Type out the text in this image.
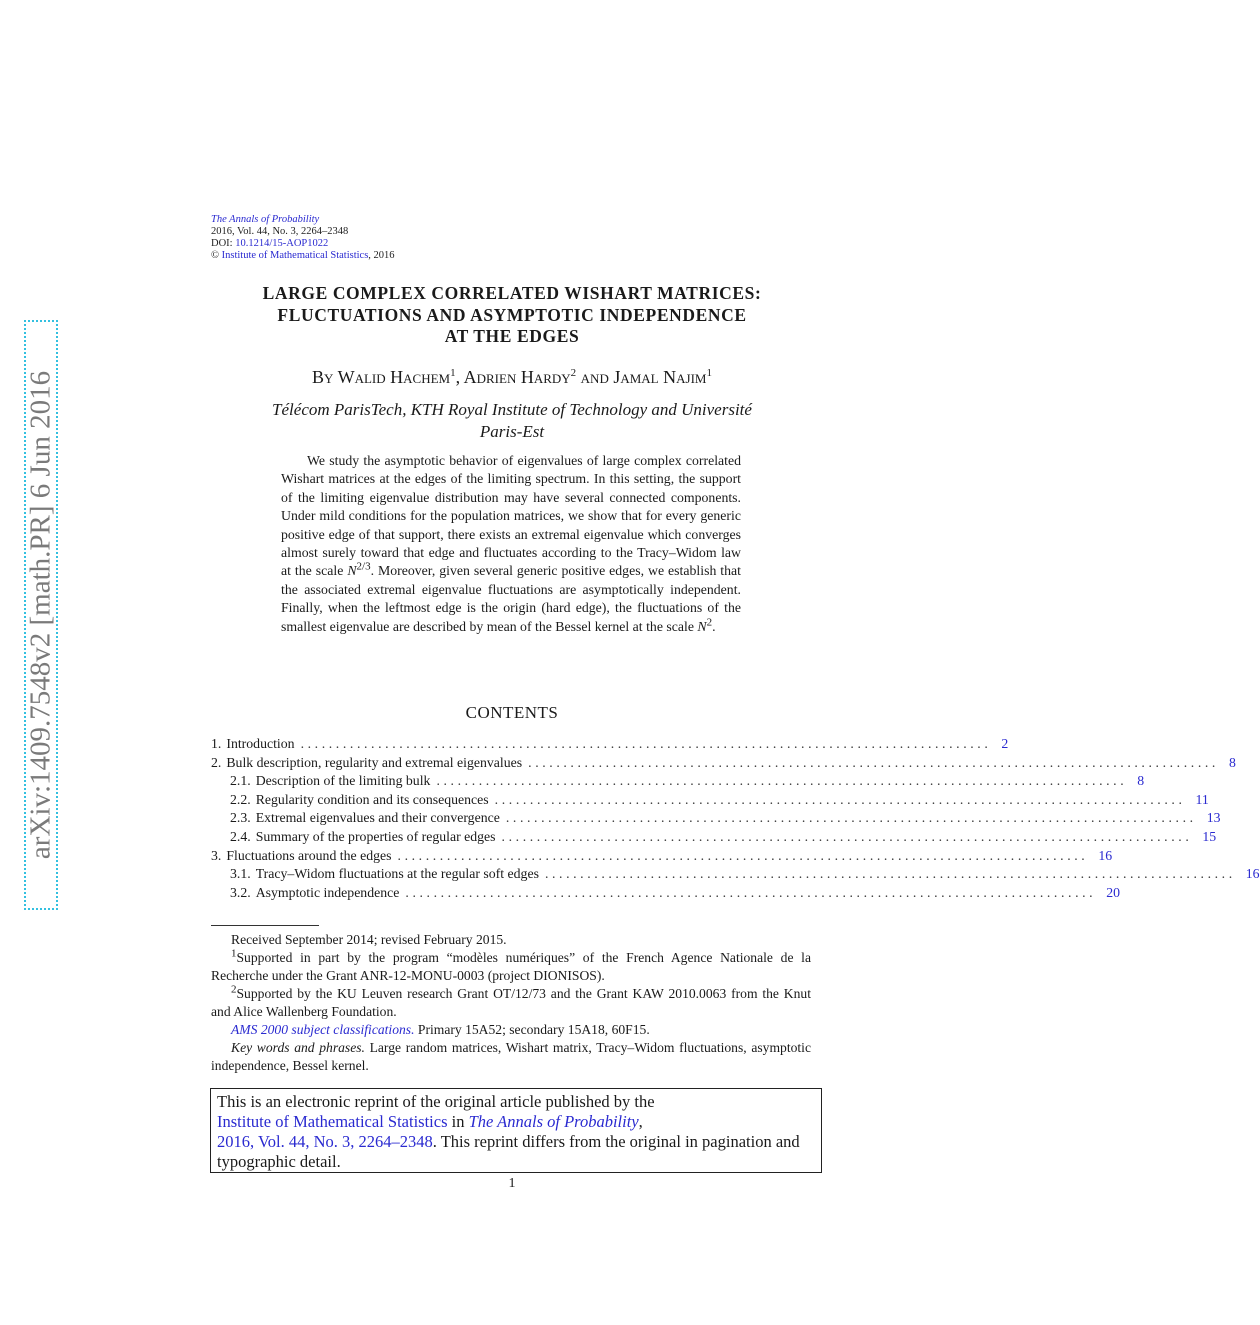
arXiv:1409.7548v2 [math.PR] 6 Jun 2016
The Annals of Probability
2016, Vol. 44, No. 3, 2264–2348
DOI: 10.1214/15-AOP1022
© Institute of Mathematical Statistics, 2016
LARGE COMPLEX CORRELATED WISHART MATRICES:
FLUCTUATIONS AND ASYMPTOTIC INDEPENDENCE
AT THE EDGES
By Walid Hachem$^1$, Adrien Hardy$^2$ and Jamal Najim$^1$
Télécom ParisTech, KTH Royal Institute of Technology and Université
Paris-Est
We study the asymptotic behavior of eigenvalues of large complex correlated Wishart matrices at the edges of the limiting spectrum. In this setting, the support of the limiting eigenvalue distribution may have several connected components. Under mild conditions for the population matrices, we show that for every generic positive edge of that support, there exists an extremal eigenvalue which converges almost surely toward that edge and fluctuates according to the Tracy–Widom law at the scale $N^{2/3}$. Moreover, given several generic positive edges, we establish that the associated extremal eigenvalue fluctuations are asymptotically independent. Finally, when the leftmost edge is the origin (hard edge), the fluctuations of the smallest eigenvalue are described by mean of the Bessel kernel at the scale $N^2$.
CONTENTS
1. Introduction .................................................................................................. 2
2. Bulk description, regularity and extremal eigenvalues .................................................................................................. 8
2.1. Description of the limiting bulk .................................................................................................. 8
2.2. Regularity condition and its consequences .................................................................................................. 11
2.3. Extremal eigenvalues and their convergence .................................................................................................. 13
2.4. Summary of the properties of regular edges .................................................................................................. 15
3. Fluctuations around the edges .................................................................................................. 16
3.1. Tracy–Widom fluctuations at the regular soft edges .................................................................................................. 16
3.2. Asymptotic independence .................................................................................................. 20

Received September 2014; revised February 2015.

$^1$Supported in part by the program “modèles numériques” of the French Agence Nationale de la Recherche under the Grant ANR-12-MONU-0003 (project DIONISOS).

$^2$Supported by the KU Leuven research Grant OT/12/73 and the Grant KAW 2010.0063 from the Knut and Alice Wallenberg Foundation.

AMS 2000 subject classifications. Primary 15A52; secondary 15A18, 60F15.

Key words and phrases. Large random matrices, Wishart matrix, Tracy–Widom fluctuations, asymptotic independence, Bessel kernel.

This is an electronic reprint of the original article published by the
Institute of Mathematical Statistics in The Annals of Probability,
2016, Vol. 44, No. 3, 2264–2348. This reprint differs from the original in pagination and typographic detail.
1
